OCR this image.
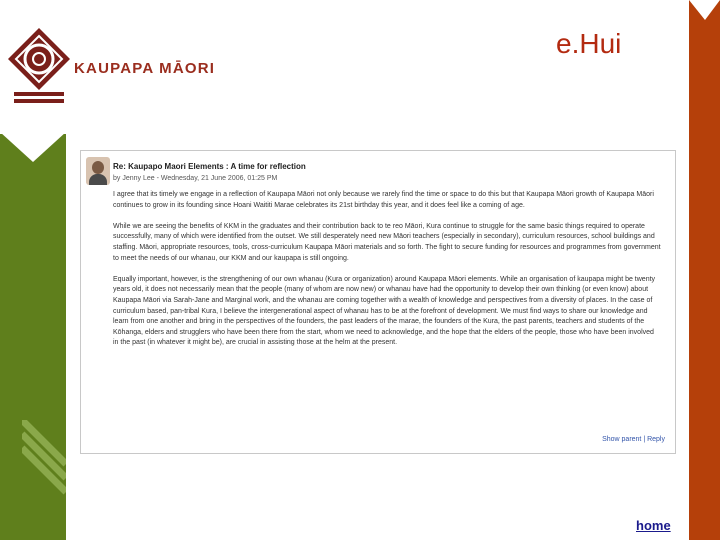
KAUPAPA MĀORI
e.Hui
Re: Kaupapo Maori Elements : A time for reflection
by Jenny Lee - Wednesday, 21 June 2006, 01:25 PM

I agree that its timely we engage in a reflection of Kaupapa Māori not only because we rarely find the time or space to do this but that Kaupapa Māori growth of Kaupapa Māori continues to grow in its founding since Hoani Waititi Marae celebrates its 21st birthday this year, and it does feel like a coming of age.

While we are seeing the benefits of KKM in the graduates and their contribution back to te reo Māori, Kura continue to struggle for the same basic things required to operate successfully, many of which were identified from the outset. We still desperately need new Māori teachers (especially in secondary), curriculum resources, school buildings and staffing. Māori, appropriate resources, tools, cross-curriculum Kaupapa Māori materials and so forth. The fight to secure funding for resources and programmes from government to meet the needs of our whanau, our KKM and our kaupapa is still ongoing.

Equally important, however, is the strengthening of our own whanau (Kura or organization) around Kaupapa Māori elements. While an organisation of kaupapa might be twenty years old, it does not necessarily mean that the people (many of whom are now new) or whanau have had the opportunity to develop their own thinking (or even know) about Kaupapa Māori via Sarah-Jane and Marginal work, and the whanau are coming together with a wealth of knowledge and perspectives from a diversity of places. In the case of curriculum based, pan-tribal Kura, I believe the intergenerational aspect of whanau has to be at the forefront of development. We must find ways to share our knowledge and learn from one another and bring in the perspectives of the founders, the past leaders of the marae, the founders of the Kura, the past parents, teachers and students of the Kōhanga, elders and strugglers who have been there from the start, whom we need to acknowledge, and the hope that the elders of the people, those who have been involved in the past (in whatever it might be), are crucial in assisting those at the helm at the present.

Show parent | Reply
home
